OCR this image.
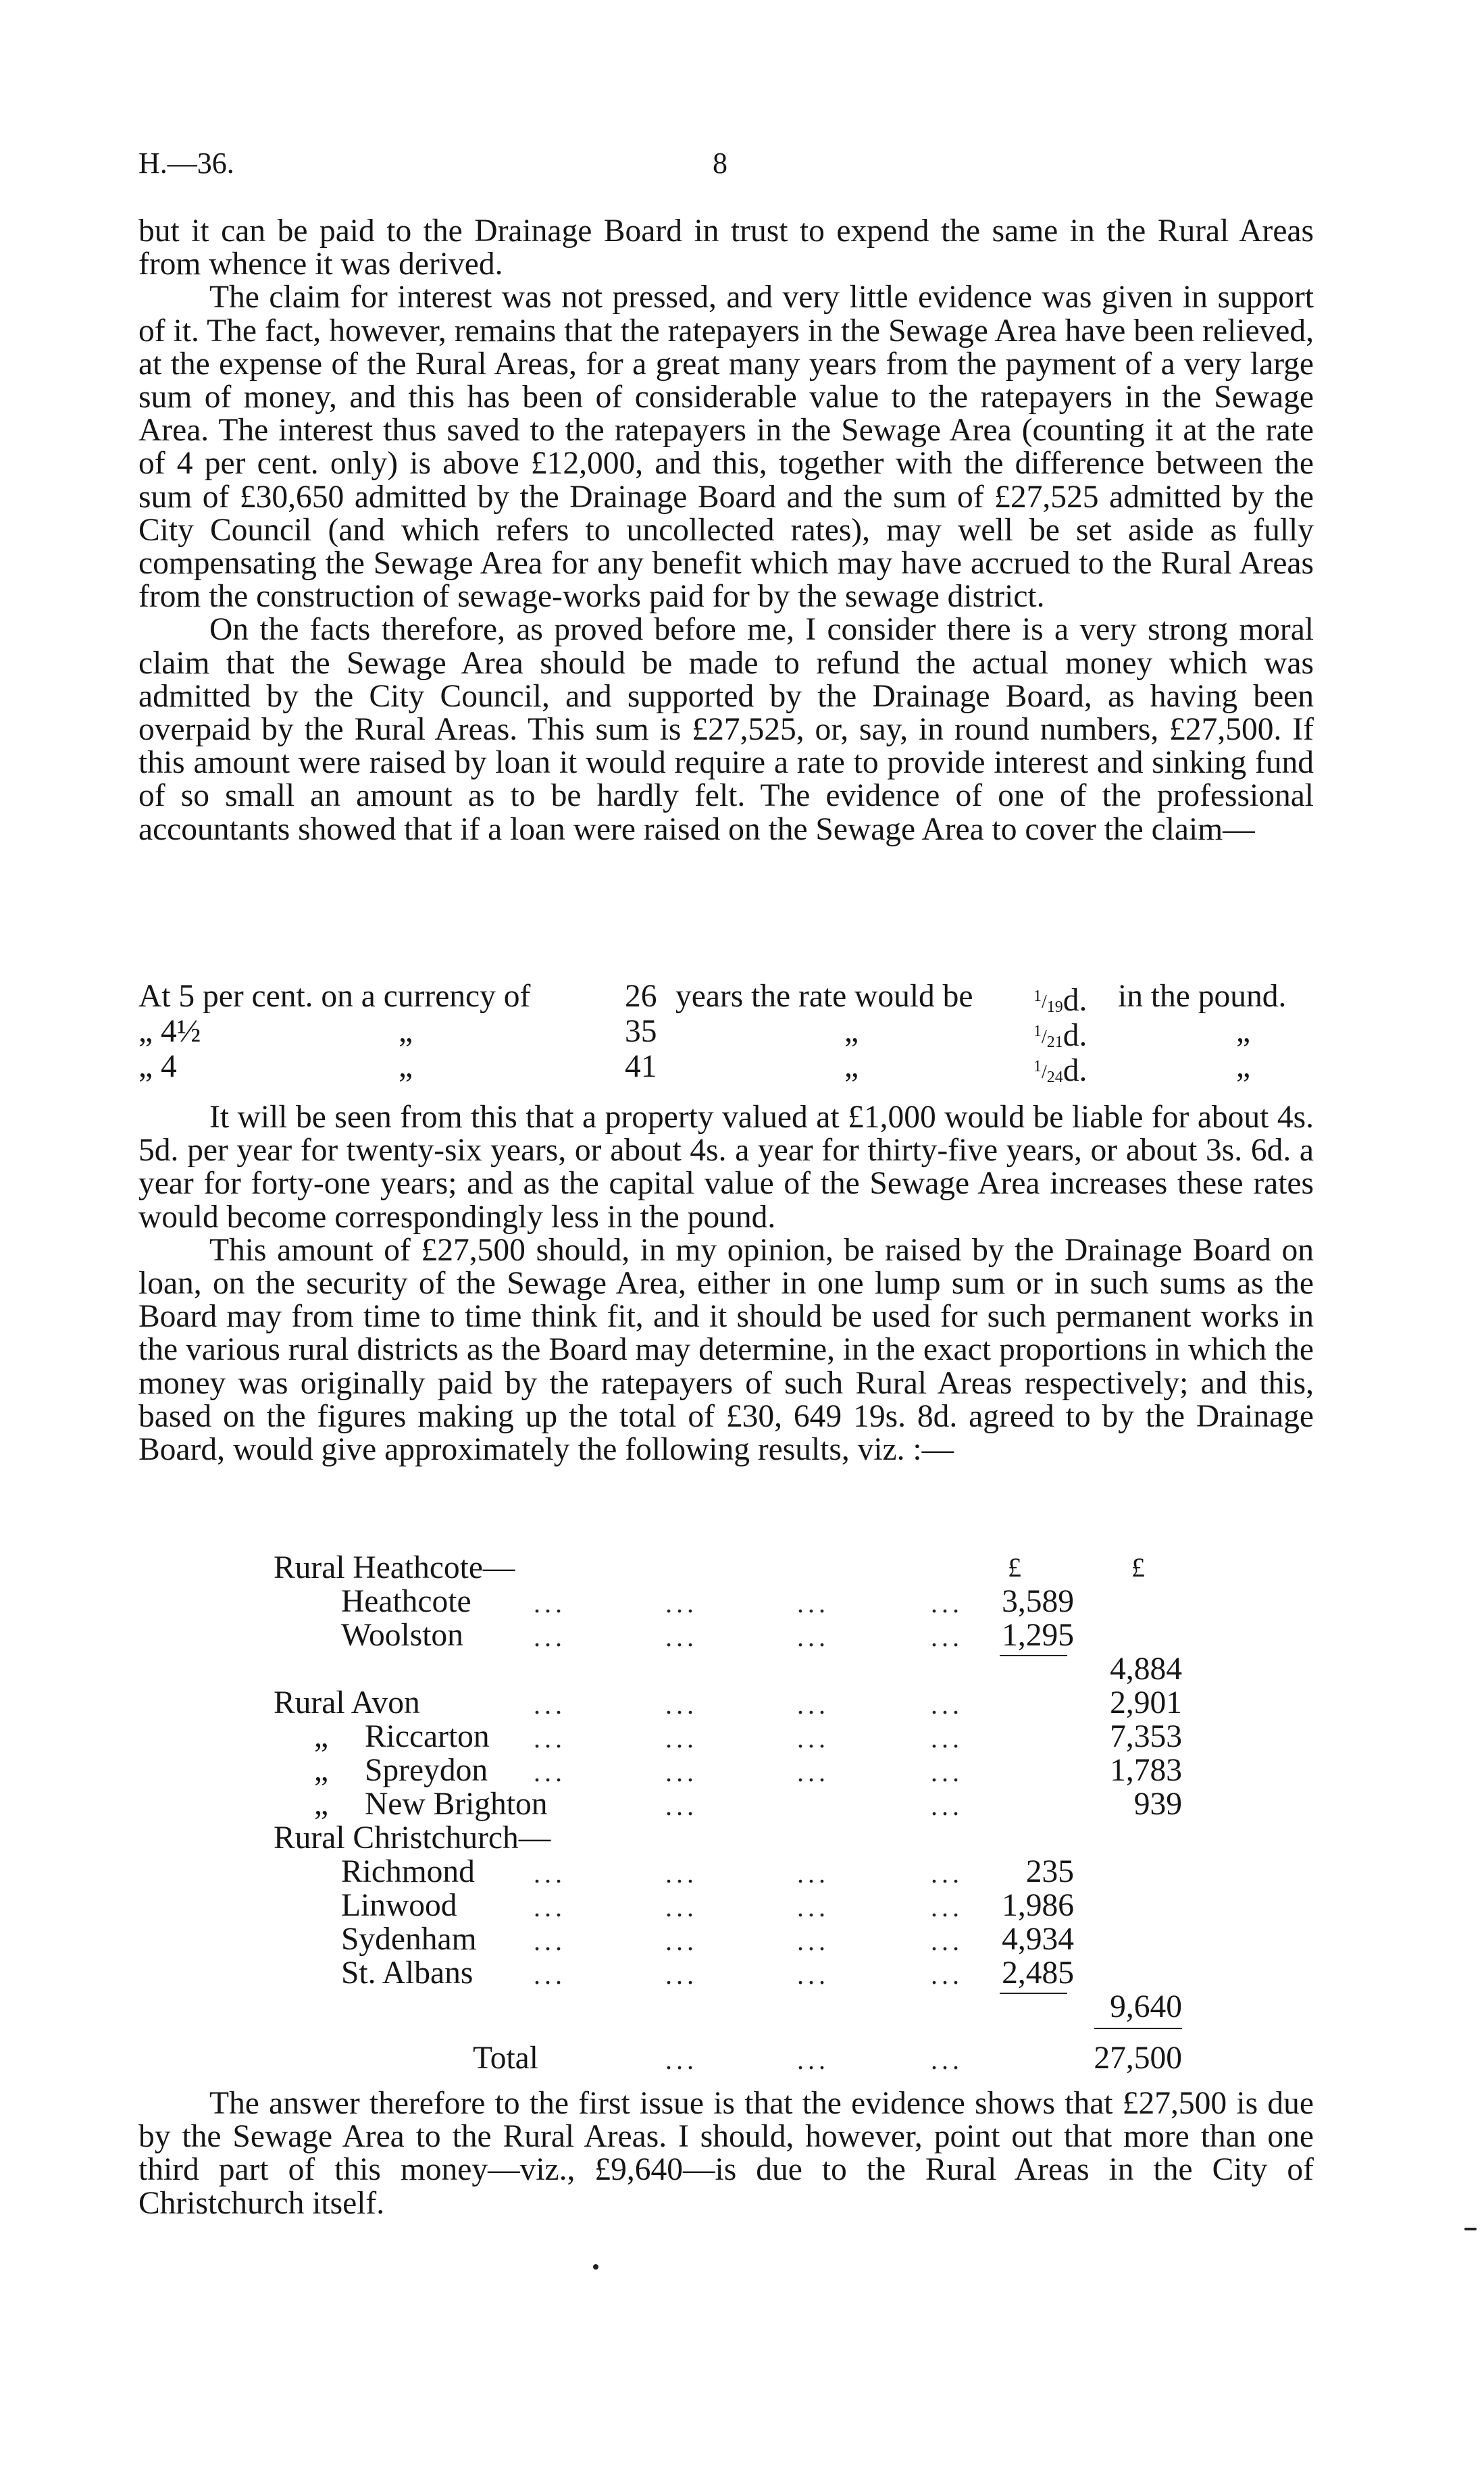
H.—36.	8

but it can be paid to the Drainage Board in trust to expend the same in the Rural Areas from whence it was derived.

The claim for interest was not pressed, and very little evidence was given in support of it. The fact, however, remains that the ratepayers in the Sewage Area have been relieved, at the expense of the Rural Areas, for a great many years from the payment of a very large sum of money, and this has been of considerable value to the ratepayers in the Sewage Area. The interest thus saved to the ratepayers in the Sewage Area (counting it at the rate of 4 per cent. only) is above £12,000, and this, together with the difference between the sum of £30,650 admitted by the Drainage Board and the sum of £27,525 admitted by the City Council (and which refers to uncollected rates), may well be set aside as fully compensating the Sewage Area for any benefit which may have accrued to the Rural Areas from the construction of sewage-works paid for by the sewage district.

On the facts therefore, as proved before me, I consider there is a very strong moral claim that the Sewage Area should be made to refund the actual money which was admitted by the City Council, and supported by the Drainage Board, as having been overpaid by the Rural Areas. This sum is £27,525, or, say, in round numbers, £27,500. If this amount were raised by loan it would require a rate to provide interest and sinking fund of so small an amount as to be hardly felt. The evidence of one of the professional accountants showed that if a loan were raised on the Sewage Area to cover the claim—

At 5 per cent. on a currency of	26 years the rate would be	$^1/_{19}d$. in the pound.
„ 4½	„	35	„	$^1/_{21}d$.	„
„ 4	„	41	„	$^1/_{24}d$.	„

It will be seen from this that a property valued at £1,000 would be liable for about 4s. 5d. per year for twenty-six years, or about 4s. a year for thirty-five years, or about 3s. 6d. a year for forty-one years; and as the capital value of the Sewage Area increases these rates would become correspondingly less in the pound.

This amount of £27,500 should, in my opinion, be raised by the Drainage Board on loan, on the security of the Sewage Area, either in one lump sum or in such sums as the Board may from time to time think fit, and it should be used for such permanent works in the various rural districts as the Board may determine, in the exact proportions in which the money was originally paid by the ratepayers of such Rural Areas respectively; and this, based on the figures making up the total of £30, 649 19s. 8d. agreed to by the Drainage Board, would give approximately the following results, viz. :—

£	£
Rural Heathcote—
Heathcote ...	...	...	...	3,589
Woolston	...	...	...	...	1,295
4,884
Rural Avon	...	...	...	...	2,901
„ Riccarton ...	...	...	...	7,353
„ Spreydon ...	...	...	...	1,783
„ New Brighton	...	...	939
Rural Christchurch—
Richmond ...	...	...	...	235
Linwood	...	...	...	...	1,986
Sydenham ...	...	...	...	4,934
St. Albans ...	...	...	...	2,485
9,640
Total	...	...	...	27,500

The answer therefore to the first issue is that the evidence shows that £27,500 is due by the Sewage Area to the Rural Areas. I should, however, point out that more than one third part of this money—viz., £9,640—is due to the Rural Areas in the City of Christchurch itself.
